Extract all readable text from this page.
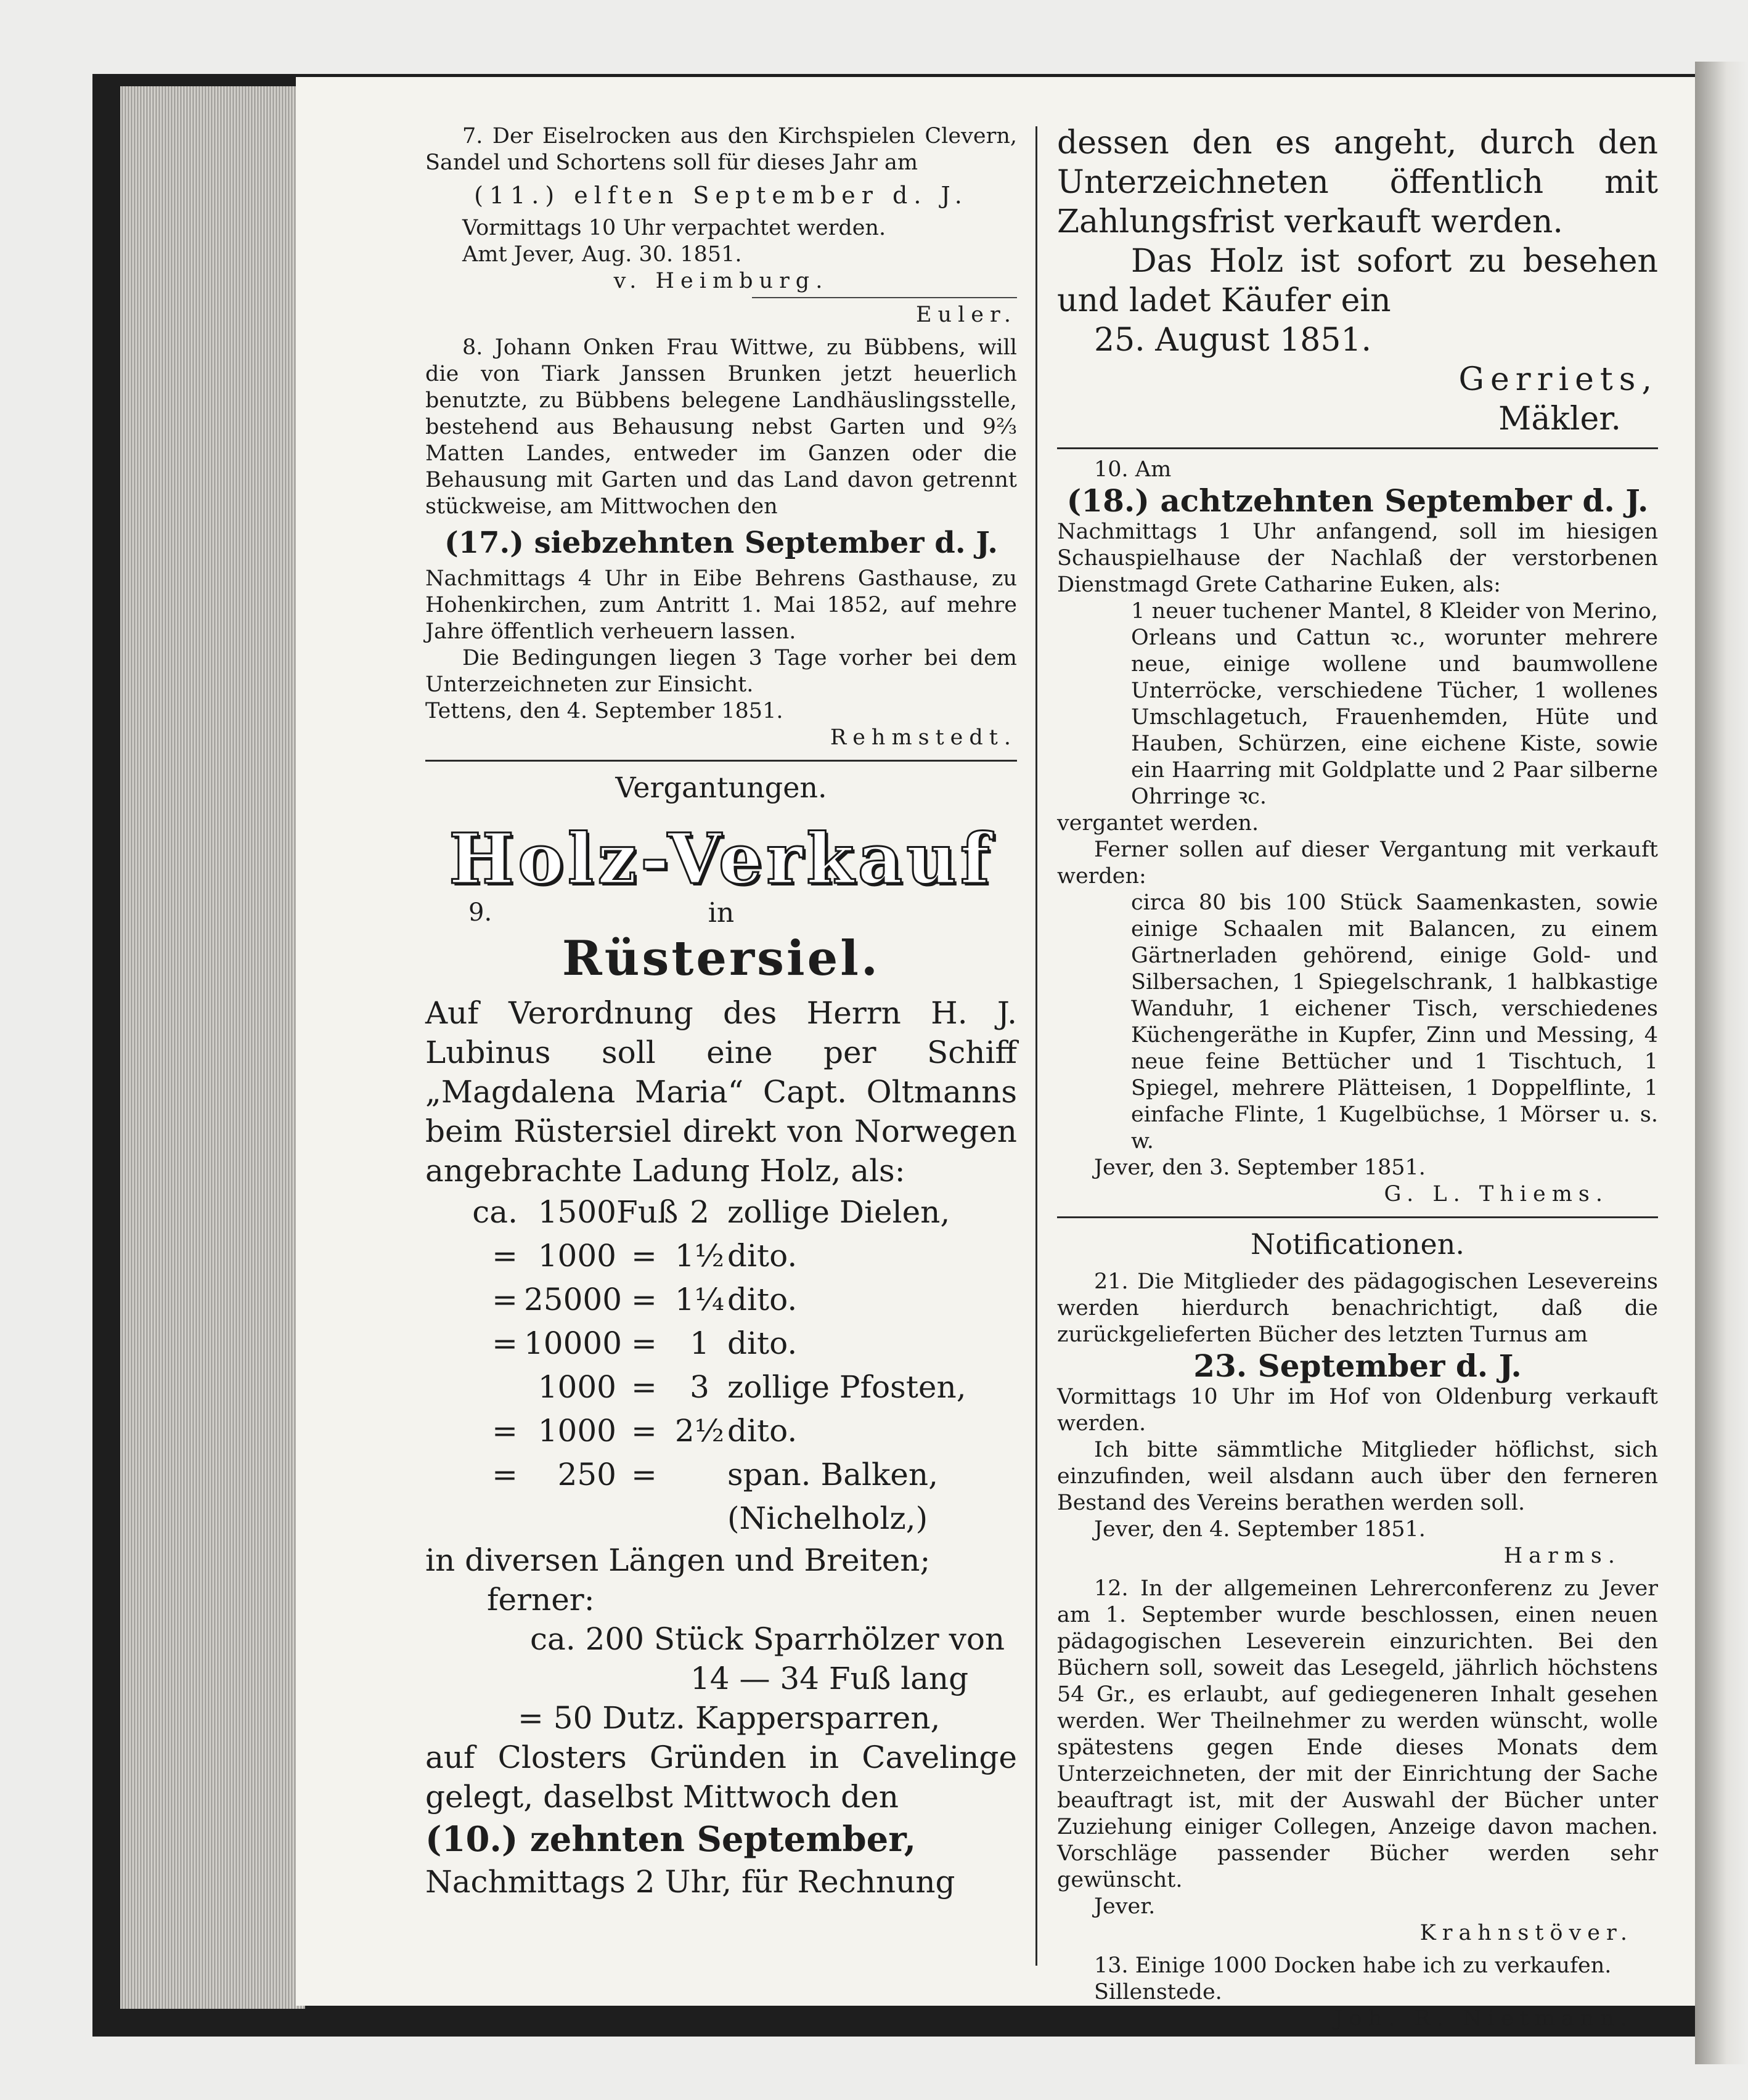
7. Der Eiselrocken aus den Kirchspielen Clevern, Sandel und Schortens soll für dieses Jahr am

(11.) elften September d. J.

Vormittags 10 Uhr verpachtet werden.

Amt Jever, Aug. 30. 1851.

v. Heimburg.

Euler.

8. Johann Onken Frau Wittwe, zu Bübbens, will die von Tiark Janssen Brunken jetzt heuerlich benutzte, zu Bübbens belegene Landhäuslingsstelle, bestehend aus Behausung nebst Garten und 9⅔ Matten Landes, entweder im Ganzen oder die Behausung mit Garten und das Land davon getrennt stückweise, am Mittwochen den

(17.) siebzehnten September d. J.

Nachmittags 4 Uhr in Eibe Behrens Gasthause, zu Hohenkirchen, zum Antritt 1. Mai 1852, auf mehre Jahre öffentlich verheuern lassen.

Die Bedingungen liegen 3 Tage vorher bei dem Unterzeichneten zur Einsicht.

Tettens, den 4. September 1851.

Rehmstedt.

Vergantungen.

Holz-Verkauf

9.	in

Rüstersiel.

Auf Verordnung des Herrn H. J. Lubinus soll eine per Schiff „Magdalena Maria“ Capt. Oltmanns beim Rüstersiel direkt von Norwegen angebrachte Ladung Holz, als:

ca. 1500 Fuß 2 zollige Dielen,
= 1000 = 1½ dito.
= 25000 = 1¼ dito.
= 10000 =	1 dito.
1000 =	3 zollige Pfosten,
= 1000 = 2½ dito.
=	250 =	span. Balken, (Nichelholz,)

in diversen Längen und Breiten;

ferner:

ca. 200 Stück Sparrhölzer von

14 — 34 Fuß lang

= 50 Dutz. Kappersparren,

auf Closters Gründen in Cavelinge gelegt, daselbst Mittwoch den

(10.) zehnten September,

Nachmittags 2 Uhr, für Rechnung

dessen den es angeht, durch den Unterzeichneten öffentlich mit Zahlungsfrist verkauft werden.

Das Holz ist sofort zu besehen und ladet Käufer ein

25. August 1851.

Gerriets,

Mäkler.

10. Am

(18.) achtzehnten September d. J.

Nachmittags 1 Uhr anfangend, soll im hiesigen Schauspielhause der Nachlaß der verstorbenen Dienstmagd Grete Catharine Euken, als:

1 neuer tuchener Mantel, 8 Kleider von Merino, Orleans und Cattun ꝛc., worunter mehrere neue, einige wollene und baumwollene Unterröcke, verschiedene Tücher, 1 wollenes Umschlagetuch, Frauenhemden, Hüte und Hauben, Schürzen, eine eichene Kiste, sowie ein Haarring mit Goldplatte und 2 Paar silberne Ohrringe ꝛc.

vergantet werden.

Ferner sollen auf dieser Vergantung mit verkauft werden:

circa 80 bis 100 Stück Saamenkasten, sowie einige Schaalen mit Balancen, zu einem Gärtnerladen gehörend, einige Gold- und Silbersachen, 1 Spiegelschrank, 1 halbkastige Wanduhr, 1 eichener Tisch, verschiedenes Küchengeräthe in Kupfer, Zinn und Messing, 4 neue feine Bettücher und 1 Tischtuch, 1 Spiegel, mehrere Plätteisen, 1 Doppelflinte, 1 einfache Flinte, 1 Kugelbüchse, 1 Mörser u. s. w.

Jever, den 3. September 1851.

G. L. Thiems.

Notificationen.

21. Die Mitglieder des pädagogischen Lesevereins werden hierdurch benachrichtigt, daß die zurückgelieferten Bücher des letzten Turnus am

23. September d. J.

Vormittags 10 Uhr im Hof von Oldenburg verkauft werden.

Ich bitte sämmtliche Mitglieder höflichst, sich einzufinden, weil alsdann auch über den ferneren Bestand des Vereins berathen werden soll.

Jever, den 4. September 1851.

Harms.

12. In der allgemeinen Lehrerconferenz zu Jever am 1. September wurde beschlossen, einen neuen pädagogischen Leseverein einzurichten. Bei den Büchern soll, soweit das Lesegeld, jährlich höchstens 54 Gr., es erlaubt, auf gediegeneren Inhalt gesehen werden. Wer Theilnehmer zu werden wünscht, wolle spätestens gegen Ende dieses Monats dem Unterzeichneten, der mit der Einrichtung der Sache beauftragt ist, mit der Auswahl der Bücher unter Zuziehung einiger Collegen, Anzeige davon machen. Vorschläge passender Bücher werden sehr gewünscht.

Jever.

Krahnstöver.

13. Einige 1000 Docken habe ich zu verkaufen.

Sillenstede.

Joh. R. Nietmann.
